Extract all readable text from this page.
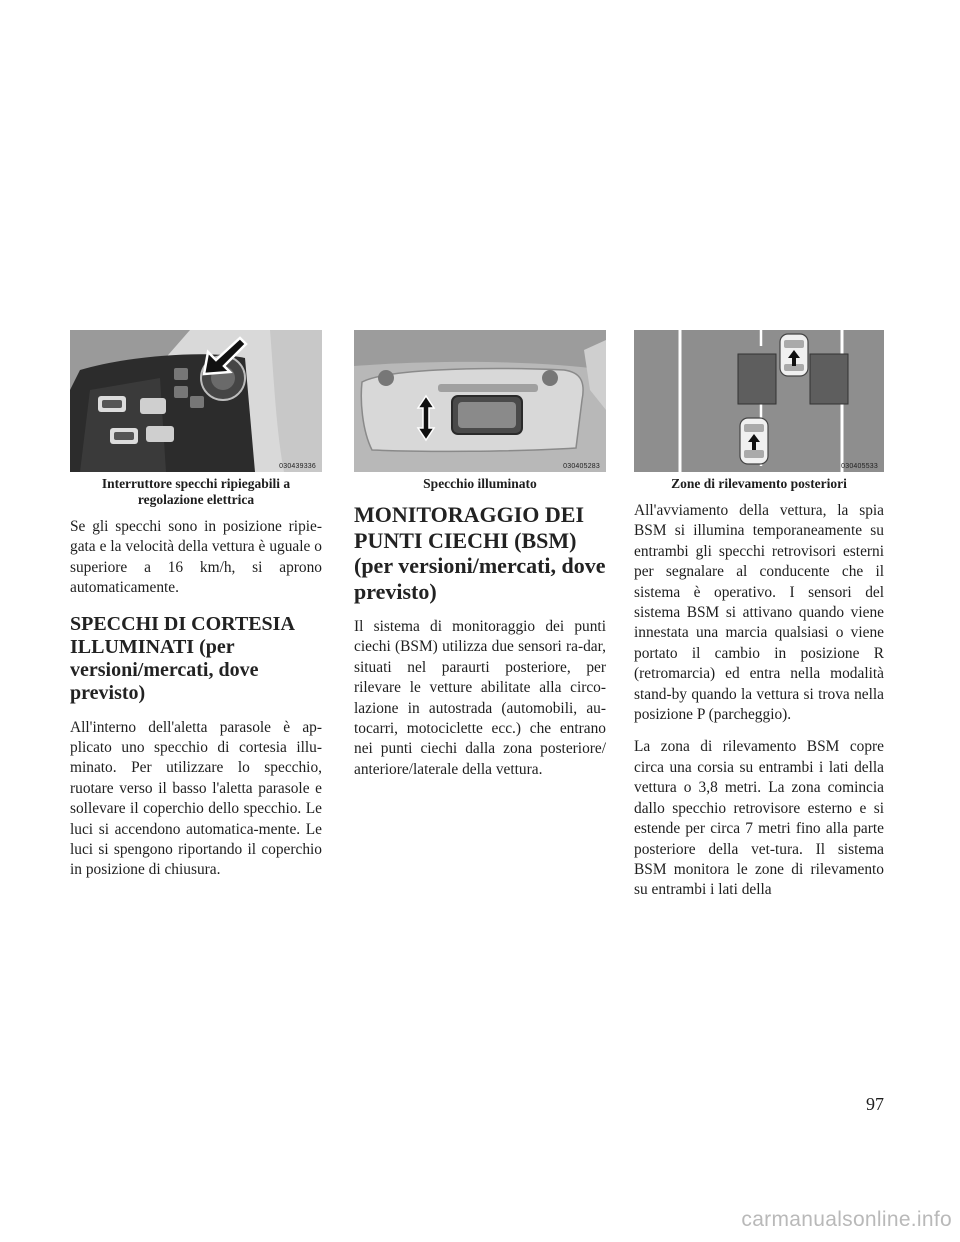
030439336
Interruttore specchi ripiegabili a
regolazione elettrica

Se gli specchi sono in posizione ripie-gata e la velocità della vettura è uguale o superiore a 16 km/h, si aprono automaticamente.

SPECCHI DI CORTESIA ILLUMINATI (per versioni/mercati, dove previsto)

All'interno dell'aletta parasole è ap-plicato uno specchio di cortesia illu-minato. Per utilizzare lo specchio, ruotare verso il basso l'aletta parasole e sollevare il coperchio dello specchio. Le luci si accendono automatica-mente. Le luci si spengono riportando il coperchio in posizione di chiusura.

030405283
Specchio illuminato
MONITORAGGIO DEI PUNTI CIECHI (BSM) (per versioni/mercati, dove previsto)

Il sistema di monitoraggio dei punti ciechi (BSM) utilizza due sensori ra-dar, situati nel paraurti posteriore, per rilevare le vetture abilitate alla circo-lazione in autostrada (automobili, au-tocarri, motociclette ecc.) che entrano nei punti ciechi dalla zona posteriore/ anteriore/laterale della vettura.

030405533
Zone di rilevamento posteriori

All'avviamento della vettura, la spia BSM si illumina temporaneamente su entrambi gli specchi retrovisori esterni per segnalare al conducente che il sistema è operativo. I sensori del sistema BSM si attivano quando viene innestata una marcia qualsiasi o viene portato il cambio in posizione R (retromarcia) ed entra nella modalità stand-by quando la vettura si trova nella posizione P (parcheggio).

La zona di rilevamento BSM copre circa una corsia su entrambi i lati della vettura o 3,8 metri. La zona comincia dallo specchio retrovisore esterno e si estende per circa 7 metri fino alla parte posteriore della vet-tura. Il sistema BSM monitora le zone di rilevamento su entrambi i lati della

97
carmanualsonline.info
